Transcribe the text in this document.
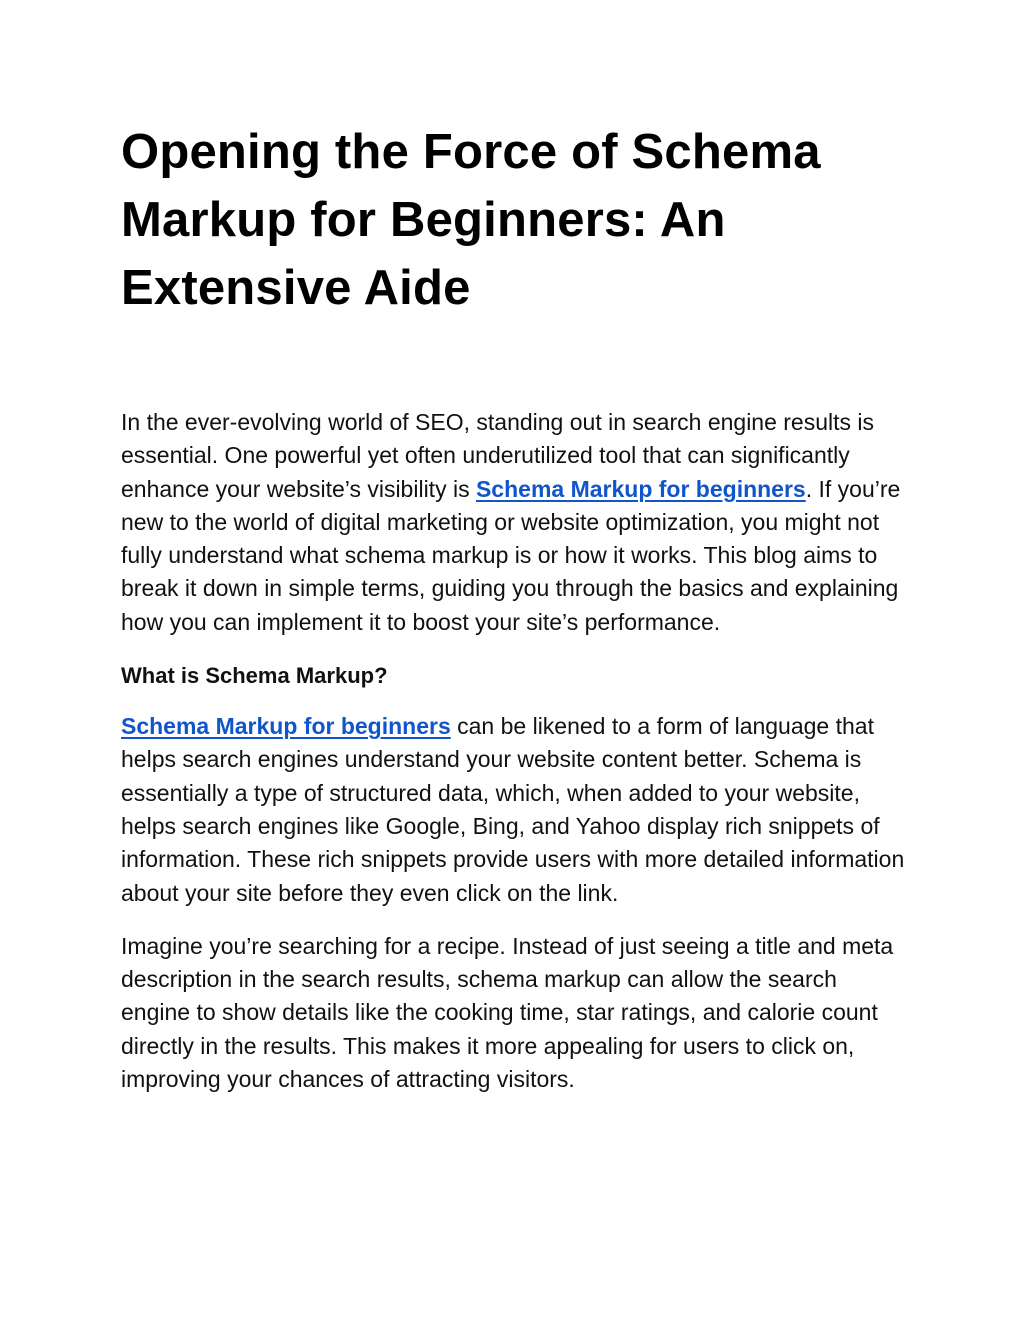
Opening the Force of Schema Markup for Beginners: An Extensive Aide

In the ever-evolving world of SEO, standing out in search engine results is essential. One powerful yet often underutilized tool that can significantly enhance your website’s visibility is Schema Markup for beginners. If you’re new to the world of digital marketing or website optimization, you might not fully understand what schema markup is or how it works. This blog aims to break it down in simple terms, guiding you through the basics and explaining how you can implement it to boost your site’s performance.

What is Schema Markup?

Schema Markup for beginners can be likened to a form of language that helps search engines understand your website content better. Schema is essentially a type of structured data, which, when added to your website, helps search engines like Google, Bing, and Yahoo display rich snippets of information. These rich snippets provide users with more detailed information about your site before they even click on the link.

Imagine you’re searching for a recipe. Instead of just seeing a title and meta description in the search results, schema markup can allow the search engine to show details like the cooking time, star ratings, and calorie count directly in the results. This makes it more appealing for users to click on, improving your chances of attracting visitors.
